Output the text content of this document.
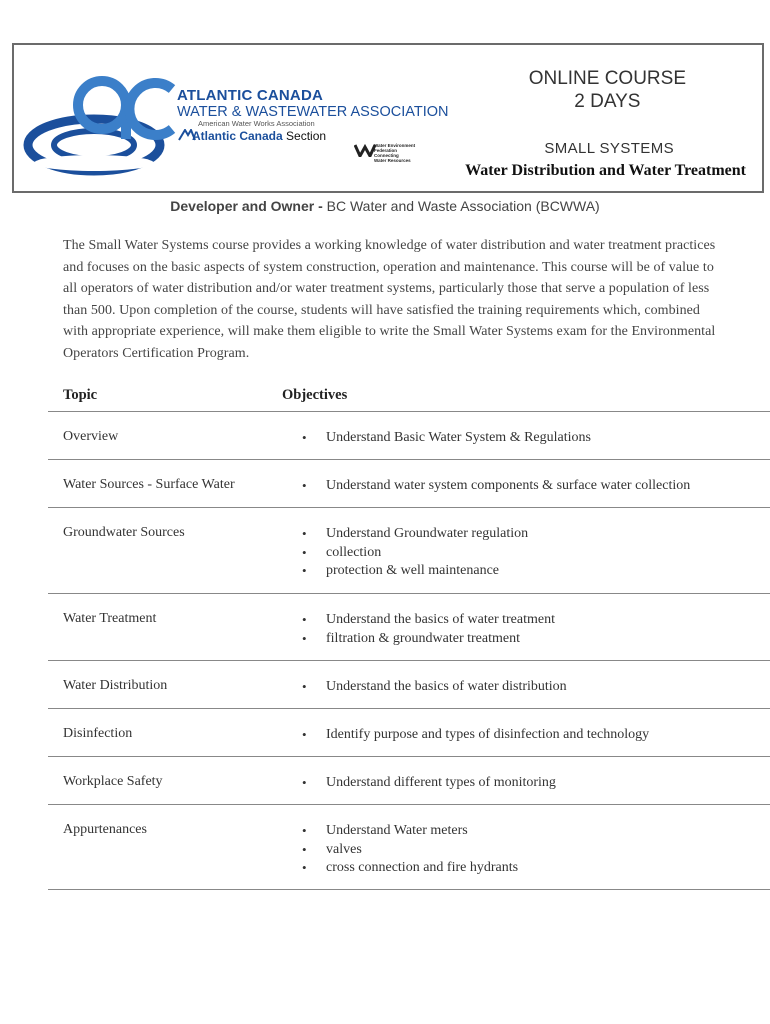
ATLANTIC CANADA
WATER & WASTEWATER ASSOCIATION
American Water Works Association
Atlantic Canada Section
Water Environment
Federation
Connecting
Water Resources
ONLINE COURSE
2 DAYS
SMALL SYSTEMS
Water Distribution and Water Treatment
Developer and Owner - BC Water and Waste Association (BCWWA)
The Small Water Systems course provides a working knowledge of water distribution and water treatment practices and focuses on the basic aspects of system construction, operation and maintenance. This course will be of value to all operators of water distribution and/or water treatment systems, particularly those that serve a population of less than 500. Upon completion of the course, students will have satisfied the training requirements which, combined with appropriate experience, will make them eligible to write the Small Water Systems exam for the Environmental Operators Certification Program.
Topic	Objectives
Overview	• Understand Basic Water System & Regulations
Water Sources - Surface Water	• Understand water system components & surface water collection
Groundwater Sources	• Understand Groundwater regulation
• collection
• protection & well maintenance
Water Treatment	• Understand the basics of water treatment
• filtration & groundwater treatment
Water Distribution	• Understand the basics of water distribution
Disinfection	• Identify purpose and types of disinfection and technology
Workplace Safety	• Understand different types of monitoring
Appurtenances	• Understand Water meters
• valves
• cross connection and fire hydrants
